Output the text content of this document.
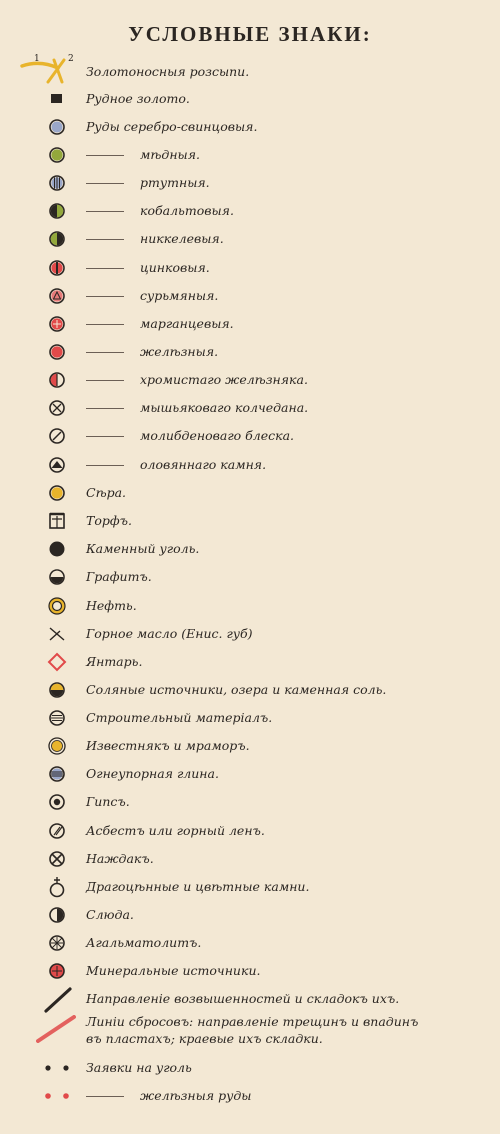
УСЛОВНЫЕ ЗНАКИ:
1	2
Золотоносныя розсыпи.
Рудное золото.
Руды серебро-свинцовыя.
мѣдныя.
ртутныя.
кобальтовыя.
никкелевыя.
цинковыя.
сурьмяныя.
марганцевыя.
желѣзныя.
хромистаго желѣзняка.
мышьяковаго колчедана.
молибденоваго блеска.
оловяннаго камня.
Сѣра.
Торфъ.
Каменный уголь.
Графитъ.
Нефть.
Горное масло (Енис. губ)
Янтарь.
Соляные источники, озера и каменная соль.
Строительный матеріалъ.
Известнякъ и мраморъ.
Огнеупорная глина.
Гипсъ.
Асбестъ или горный ленъ.
Наждакъ.
Драгоцѣнные и цвѣтные камни.
Слюда.
Агальматолитъ.
Минеральные источники.
Направленіе возвышенностей и складокъ ихъ.
Линіи сбросовъ: направленіе трещинъ и впадинъ
въ пластахъ; краевые ихъ складки.
Заявки на уголь
желѣзныя руды
